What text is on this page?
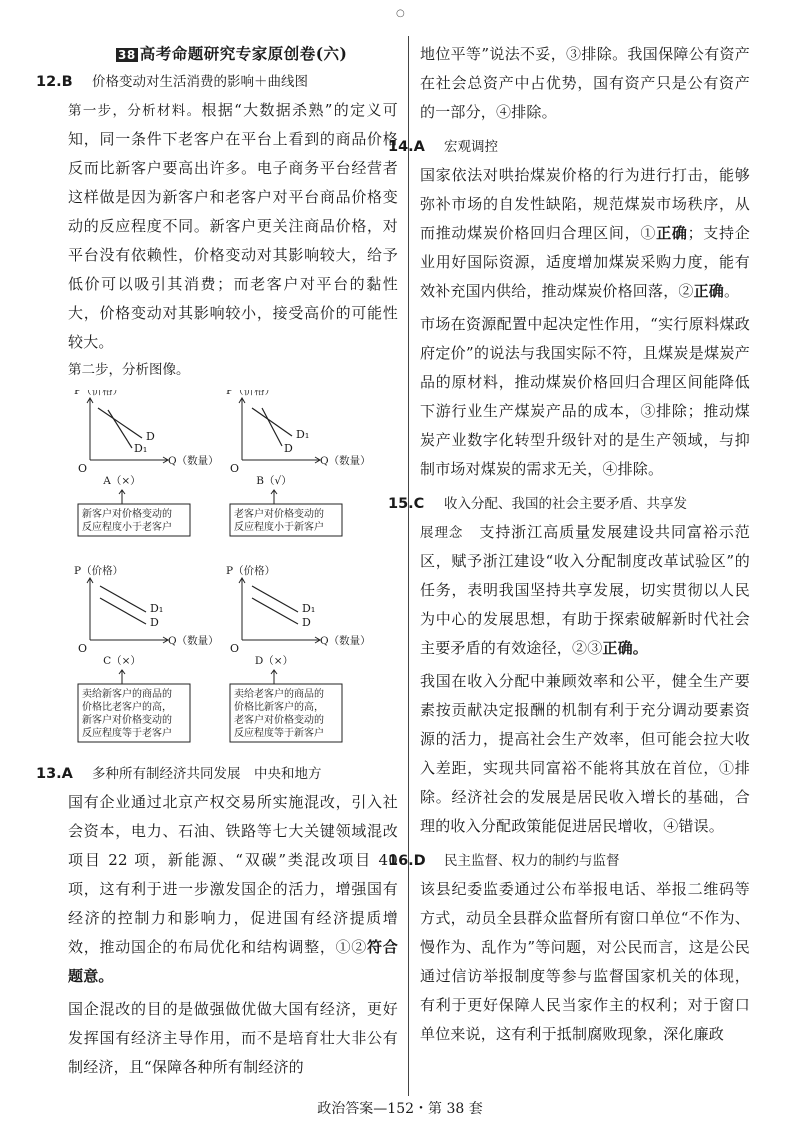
○
38 高考命题研究专家原创卷(六)
12.B 价格变动对生活消费的影响＋曲线图

第一步，分析材料。根据“大数据杀熟”的定义可知，同一条件下老客户在平台上看到的商品价格反而比新客户要高出许多。电子商务平台经营者这样做是因为新客户和老客户对平台商品价格变动的反应程度不同。新客户更关注商品价格，对平台没有依赖性，价格变动对其影响较大，给予低价可以吸引其消费；而老客户对平台的黏性大，价格变动对其影响较小，接受高价的可能性较大。

第二步，分析图像。

P（价格）
Q（数量）
O
D
D₁
A（×）
新客户对价格变动的
反应程度小于老客户
P（价格）
Q（数量）
O
D₁
D
B（√）
老客户对价格变动的
反应程度小于新客户
P（价格）
Q（数量）
O
D₁
D
C（×）
卖给新客户的商品的
价格比老客户的高，
新客户对价格变动的
反应程度等于老客户
P（价格）
Q（数量）
O
D₁
D
D（×）
卖给老客户的商品的
价格比新客户的高，
老客户对价格变动的
反应程度等于新客户
13.A 多种所有制经济共同发展　中央和地方

国有企业通过北京产权交易所实施混改，引入社会资本，电力、石油、铁路等七大关键领域混改项目 22 项，新能源、“双碳”类混改项目 40 项，这有利于进一步激发国企的活力，增强国有经济的控制力和影响力，促进国有经济提质增效，推动国企的布局优化和结构调整，①②符合题意。

国企混改的目的是做强做优做大国有经济，更好发挥国有经济主导作用，而不是培育壮大非公有制经济，且“保障各种所有制经济的

地位平等”说法不妥，③排除。我国保障公有资产在社会总资产中占优势，国有资产只是公有资产的一部分，④排除。

14.A 宏观调控

国家依法对哄抬煤炭价格的行为进行打击，能够弥补市场的自发性缺陷，规范煤炭市场秩序，从而推动煤炭价格回归合理区间，①正确；支持企业用好国际资源，适度增加煤炭采购力度，能有效补充国内供给，推动煤炭价格回落，②正确。

市场在资源配置中起决定性作用，“实行原料煤政府定价”的说法与我国实际不符，且煤炭是煤炭产品的原材料，推动煤炭价格回归合理区间能降低下游行业生产煤炭产品的成本，③排除；推动煤炭产业数字化转型升级针对的是生产领域，与抑制市场对煤炭的需求无关，④排除。

15.C 收入分配、我国的社会主要矛盾、共享发

展理念　 支持浙江高质量发展建设共同富裕示范区，赋予浙江建设“收入分配制度改革试验区”的任务，表明我国坚持共享发展，切实贯彻以人民为中心的发展思想，有助于探索破解新时代社会主要矛盾的有效途径，②③正确。

我国在收入分配中兼顾效率和公平，健全生产要素按贡献决定报酬的机制有利于充分调动要素资源的活力，提高社会生产效率，但可能会拉大收入差距，实现共同富裕不能将其放在首位，①排除。经济社会的发展是居民收入增长的基础，合理的收入分配政策能促进居民增收，④错误。

16.D 民主监督、权力的制约与监督

该县纪委监委通过公布举报电话、举报二维码等方式，动员全县群众监督所有窗口单位“不作为、慢作为、乱作为”等问题，对公民而言，这是公民通过信访举报制度等参与监督国家机关的体现，有利于更好保障人民当家作主的权利；对于窗口单位来说，这有利于抵制腐败现象，深化廉政

政治答案—152・第 38 套
